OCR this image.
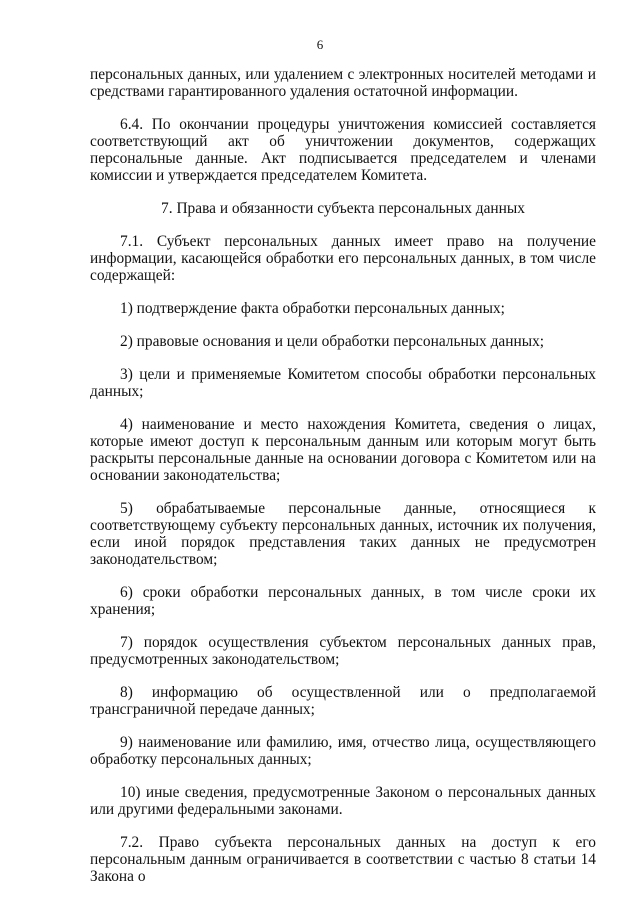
6

персональных данных, или удалением с электронных носителей методами и средствами гарантированного удаления остаточной информации.

6.4. По окончании процедуры уничтожения комиссией составляется соответствующий акт об уничтожении документов, содержащих персональные данные. Акт подписывается председателем и членами комиссии и утверждается председателем Комитета.

7. Права и обязанности субъекта персональных данных

7.1. Субъект персональных данных имеет право на получение информации, касающейся обработки его персональных данных, в том числе содержащей:

1) подтверждение факта обработки персональных данных;

2) правовые основания и цели обработки персональных данных;

3) цели и применяемые Комитетом способы обработки персональных данных;

4) наименование и место нахождения Комитета, сведения о лицах, которые имеют доступ к персональным данным или которым могут быть раскрыты персональные данные на основании договора с Комитетом или на основании законодательства;

5) обрабатываемые персональные данные, относящиеся к соответствующему субъекту персональных данных, источник их получения, если иной порядок представления таких данных не предусмотрен законодательством;

6) сроки обработки персональных данных, в том числе сроки их хранения;

7) порядок осуществления субъектом персональных данных прав, предусмотренных законодательством;

8) информацию об осуществленной или о предполагаемой трансграничной передаче данных;

9) наименование или фамилию, имя, отчество лица, осуществляющего обработку персональных данных;

10) иные сведения, предусмотренные Законом о персональных данных или другими федеральными законами.

7.2. Право субъекта персональных данных на доступ к его персональным данным ограничивается в соответствии с частью 8 статьи 14 Закона о
